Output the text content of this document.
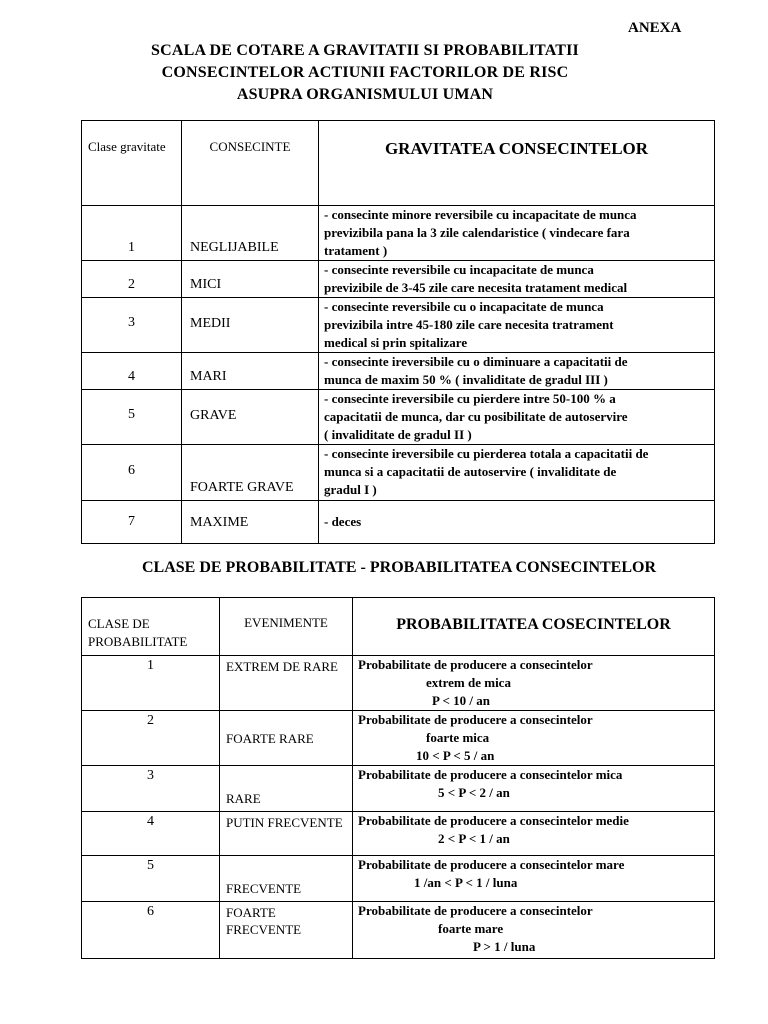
ANEXA
SCALA DE COTARE A GRAVITATII SI PROBABILITATII
CONSECINTELOR ACTIUNII FACTORILOR DE RISC
ASUPRA ORGANISMULUI UMAN
Clase gravitate	CONSECINTE	GRAVITATEA CONSECINTELOR
1	NEGLIJABILE	- consecinte minore reversibile cu incapacitate de munca
previzibila pana la 3 zile calendaristice ( vindecare fara
tratament )

2	MICI	- consecinte reversibile cu incapacitate de munca
previzibile de 3-45 zile care necesita tratament medical

3	MEDII	- consecinte reversibile cu o incapacitate de munca
previzibila intre 45-180 zile care necesita tratrament
medical si prin spitalizare

4	MARI	- consecinte ireversibile cu o diminuare a capacitatii de
munca de maxim 50 % ( invaliditate de gradul III )

5	GRAVE	- consecinte ireversibile cu pierdere intre 50-100 % a
capacitatii de munca, dar cu posibilitate de autoservire
( invaliditate de gradul II )

6	FOARTE GRAVE	- consecinte ireversibile cu pierderea totala a capacitatii de
munca si a capacitatii de autoservire ( invaliditate de
gradul I )

7	MAXIME	- deces
CLASE DE PROBABILITATE - PROBABILITATEA CONSECINTELOR
CLASE DE PROBABILITATE	EVENIMENTE	PROBABILITATEA COSECINTELOR
1	EXTREM DE RARE	Probabilitate de producere a consecintelor
extrem de mica
P < 10 / an

2	FOARTE RARE	Probabilitate de producere a consecintelor
foarte mica
10 < P < 5 / an

3	RARE	Probabilitate de producere a consecintelor mica
5 < P < 2 / an

4	PUTIN FRECVENTE	Probabilitate de producere a consecintelor medie
2 < P < 1 / an

5	FRECVENTE	Probabilitate de producere a consecintelor mare
1 /an < P < 1 / luna

6	FOARTE FRECVENTE	Probabilitate de producere a consecintelor
foarte mare
P > 1 / luna
